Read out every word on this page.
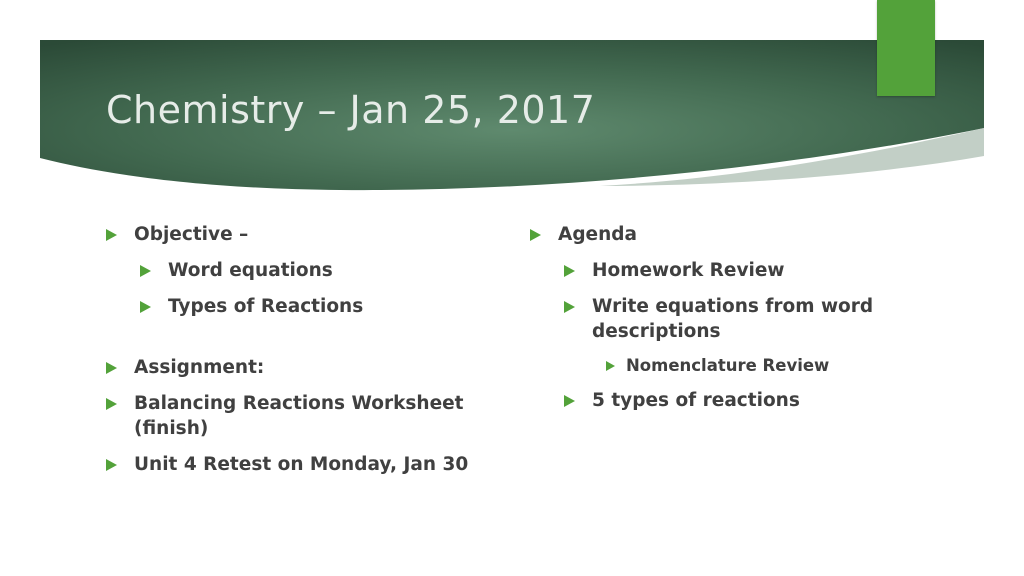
Chemistry – Jan 25, 2017
Objective –
Word equations
Types of Reactions
Assignment:
Balancing Reactions Worksheet (finish)
Unit 4 Retest on Monday, Jan 30
Agenda
Homework Review
Write equations from word descriptions
Nomenclature Review
5 types of reactions
